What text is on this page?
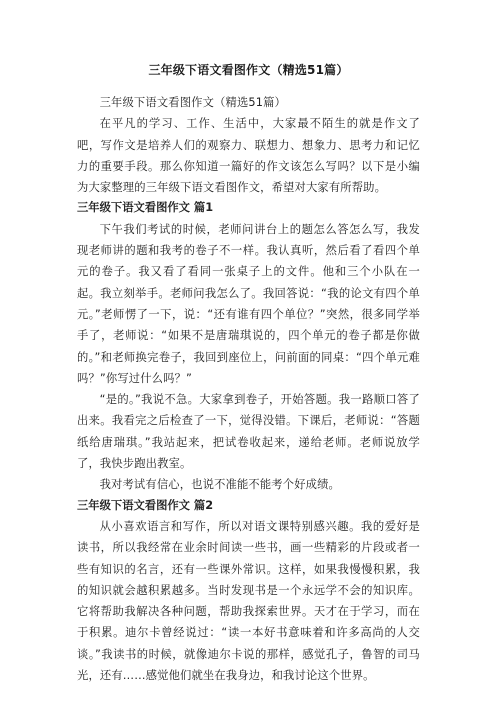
三年级下语文看图作文（精选51篇）

三年级下语文看图作文（精选51篇）

在平凡的学习、工作、生活中，大家最不陌生的就是作文了吧，写作文是培养人们的观察力、联想力、想象力、思考力和记忆力的重要手段。那么你知道一篇好的作文该怎么写吗？以下是小编为大家整理的三年级下语文看图作文，希望对大家有所帮助。

三年级下语文看图作文 篇1

下午我们考试的时候，老师问讲台上的题怎么答怎么写，我发现老师讲的题和我考的卷子不一样。我认真听，然后看了看四个单元的卷子。我又看了看同一张桌子上的文件。他和三个小队在一起。我立刻举手。老师问我怎么了。我回答说：“我的论文有四个单元。”老师愣了一下，说：“还有谁有四个单位？”突然，很多同学举手了，老师说：“如果不是唐瑞琪说的，四个单元的卷子都是你做的。”和老师换完卷子，我回到座位上，问前面的同桌：“四个单元难吗？”你写过什么吗？”

“是的。”我说不急。大家拿到卷子，开始答题。我一路顺口答了出来。我看完之后检查了一下，觉得没错。下课后，老师说：“答题纸给唐瑞琪。”我站起来，把试卷收起来，递给老师。老师说放学了，我快步跑出教室。

我对考试有信心，也说不准能不能考个好成绩。

三年级下语文看图作文 篇2

从小喜欢语言和写作，所以对语文课特别感兴趣。我的爱好是读书，所以我经常在业余时间读一些书，画一些精彩的片段或者一些有知识的名言，还有一些课外常识。这样，如果我慢慢积累，我的知识就会越积累越多。当时发现书是一个永远学不会的知识库。它将帮助我解决各种问题，帮助我探索世界。天才在于学习，而在于积累。迪尔卡曾经说过：“读一本好书意味着和许多高尚的人交谈。”我读书的时候，就像迪尔卡说的那样，感觉孔子，鲁智的司马光，还有……感觉他们就坐在我身边，和我讨论这个世界。
